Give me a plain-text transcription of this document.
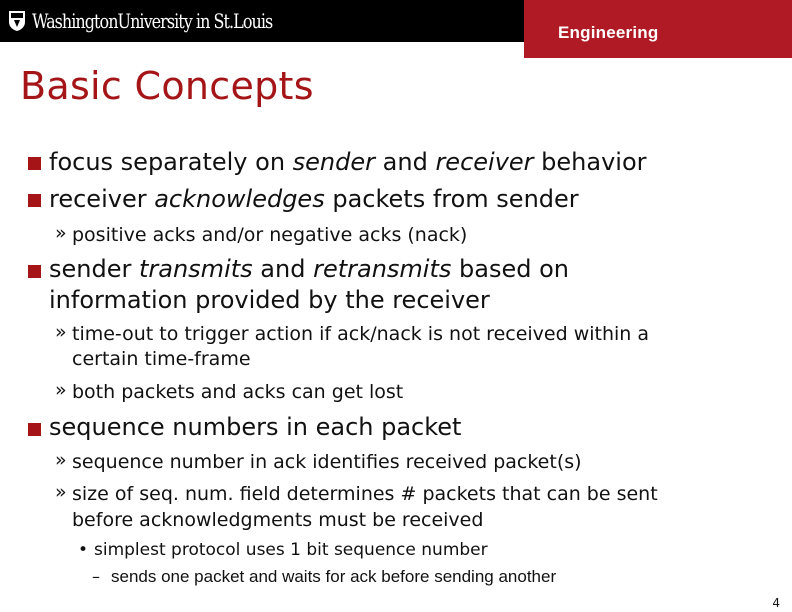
WashingtonUniversity in St.Louis	Engineering
Basic Concepts
focus separately on sender and receiver behavior
receiver acknowledges packets from sender
» positive acks and/or negative acks (nack)
sender transmits and retransmits based on
information provided by the receiver
» time-out to trigger action if ack/nack is not received within a
certain time-frame
» both packets and acks can get lost
sequence numbers in each packet
» sequence number in ack identifies received packet(s)
» size of seq. num. field determines # packets that can be sent
before acknowledgments must be received
• simplest protocol uses 1 bit sequence number
– sends one packet and waits for ack before sending another
4
